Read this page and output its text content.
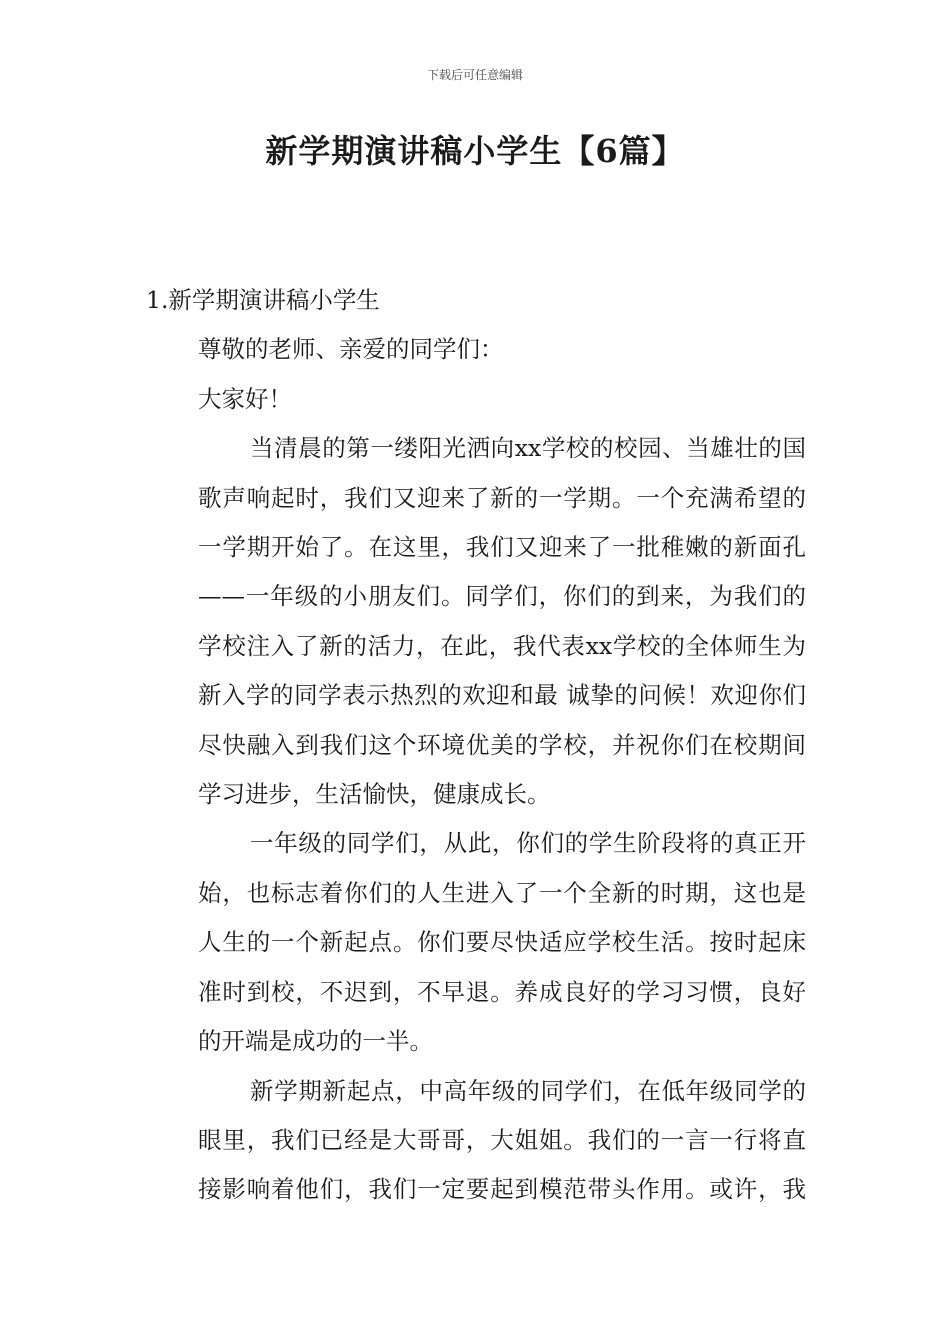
下载后可任意编辑
新学期演讲稿小学生【6篇】

1.新学期演讲稿小学生

尊敬的老师、亲爱的同学们：

大家好！

当清晨的第一缕阳光洒向xx学校的校园、当雄壮的国
歌声响起时，我们又迎来了新的一学期。一个充满希望的
一学期开始了。在这里，我们又迎来了一批稚嫩的新面孔
——一年级的小朋友们。同学们，你们的到来，为我们的
学校注入了新的活力，在此，我代表xx学校的全体师生为
新入学的同学表示热烈的欢迎和最 诚挚的问候！欢迎你们
尽快融入到我们这个环境优美的学校，并祝你们在校期间
学习进步，生活愉快，健康成长。
一年级的同学们，从此，你们的学生阶段将的真正开
始，也标志着你们的人生进入了一个全新的时期，这也是
人生的一个新起点。你们要尽快适应学校生活。按时起床
准时到校，不迟到，不早退。养成良好的学习习惯，良好
的开端是成功的一半。
新学期新起点，中高年级的同学们，在低年级同学的
眼里，我们已经是大哥哥，大姐姐。我们的一言一行将直
接影响着他们，我们一定要起到模范带头作用。或许，我
